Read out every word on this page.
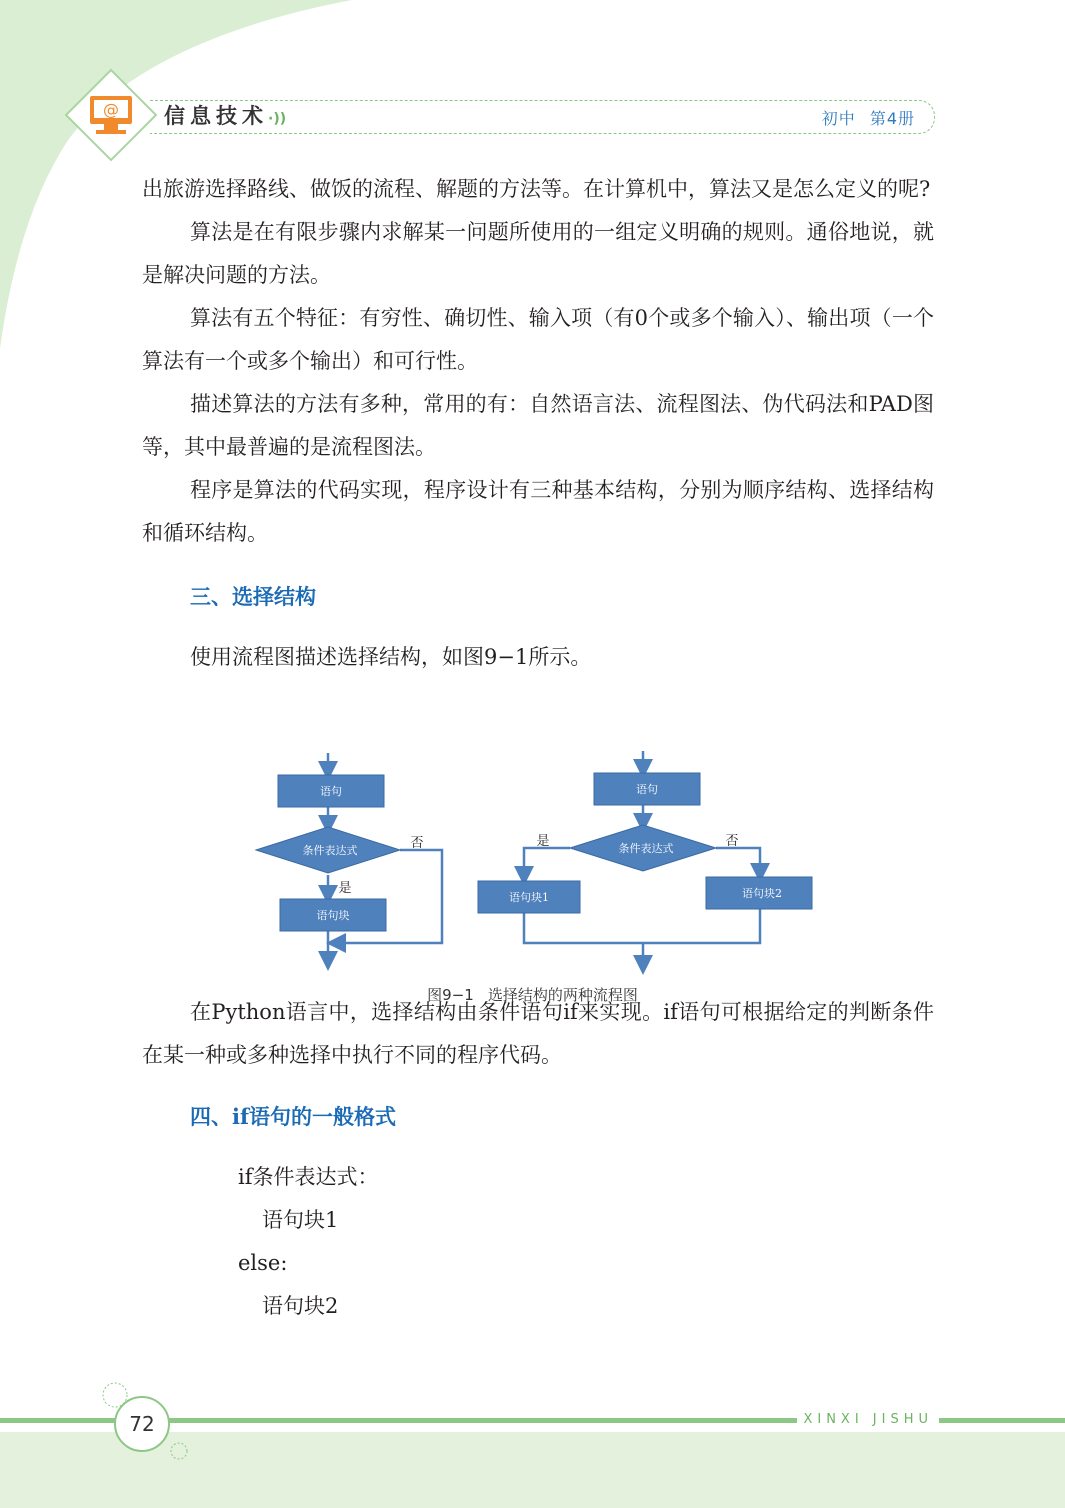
@ 信息技术·))	初中 第4册

出旅游选择路线、做饭的流程、解题的方法等。在计算机中，算法又是怎么定义的呢?

算法是在有限步骤内求解某一问题所使用的一组定义明确的规则。通俗地说，就是解决问题的方法。

算法有五个特征：有穷性、确切性、输入项（有0个或多个输入）、输出项（一个算法有一个或多个输出）和可行性。

描述算法的方法有多种，常用的有：自然语言法、流程图法、伪代码法和PAD图等，其中最普遍的是流程图法。

程序是算法的代码实现，程序设计有三种基本结构，分别为顺序结构、选择结构和循环结构。

三、选择结构

使用流程图描述选择结构，如图9−1所示。

在Python语言中，选择结构由条件语句if来实现。if语句可根据给定的判断条件在某一种或多种选择中执行不同的程序代码。

四、if语句的一般格式
if条件表达式：
语句块1
else:
语句块2
语句
条件表达式
语句块
语句
条件表达式
语句块1	语句块2
否
是
是	否
图9−1 选择结构的两种流程图
72	XINXI JISHU
